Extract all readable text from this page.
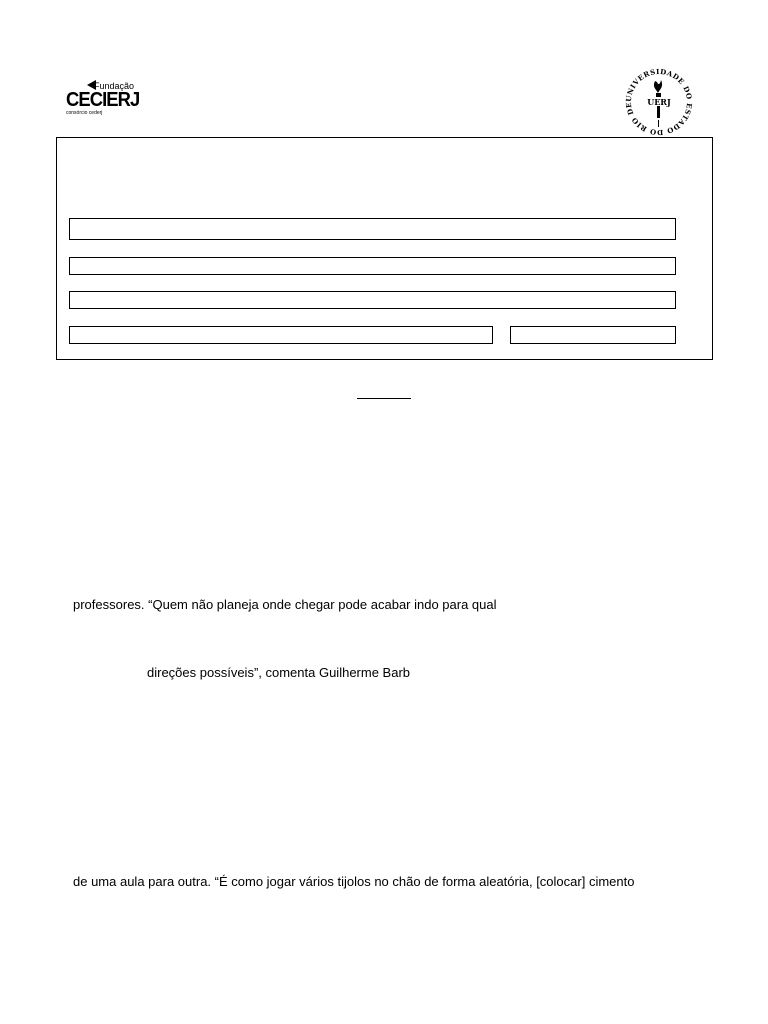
Fundação
CECIERJ
consórcio cederj
UNIVERSIDADE DO ESTADO DO RIO DE	UERJ
professores. “Quem não planeja onde chegar pode acabar indo para qual
direções possíveis”, comenta Guilherme Barb
de uma aula para outra. “É como jogar vários tijolos no chão de forma aleatória, [colocar] cimento
